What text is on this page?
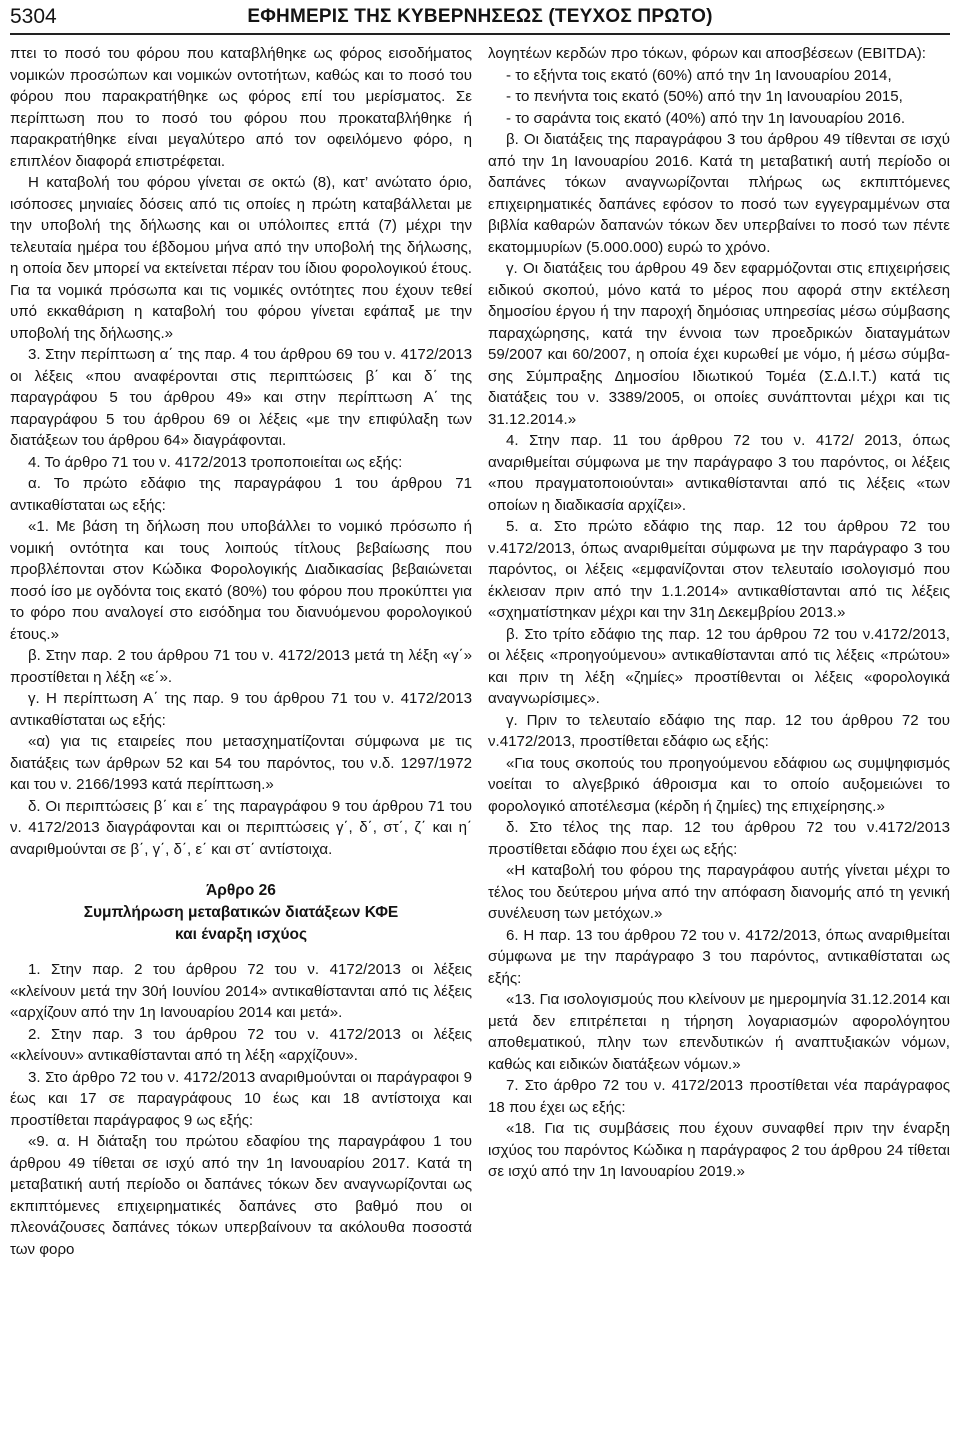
5304	ΕΦΗΜΕΡΙΣ ΤΗΣ ΚΥΒΕΡΝΗΣΕΩΣ (ΤΕΥΧΟΣ ΠΡΩΤΟ)

πτει το ποσό του φόρου που καταβλήθηκε ως φόρος εισοδήματος νομικών προσώπων και νομικών οντοτήτων, καθώς και το ποσό του φόρου που παρακρατήθηκε ως φόρος επί του μερίσματος. Σε περίπτωση που το ποσό του φόρου που προκαταβλήθηκε ή παρακρατήθηκε είναι μεγαλύτερο από τον οφειλόμενο φόρο, η επιπλέον διαφορά επιστρέφεται.

Η καταβολή του φόρου γίνεται σε οκτώ (8), κατ’ ανώτατο όριο, ισόποσες μηνιαίες δόσεις από τις οποίες η πρώτη καταβάλλεται με την υποβολή της δήλωσης και οι υπόλοιπες επτά (7) μέχρι την τελευταία ημέρα του έβδομου μήνα από την υποβολή της δήλωσης, η οποία δεν μπορεί να εκτείνεται πέραν του ίδιου φορολογικού έτους. Για τα νομικά πρόσωπα και τις νομικές οντότητες που έχουν τεθεί υπό εκκαθάριση η καταβολή του φόρου γίνεται εφάπαξ με την υποβολή της δήλωσης.»

3. Στην περίπτωση α΄ της παρ. 4 του άρθρου 69 του ν. 4172/2013 οι λέξεις «που αναφέρονται στις περιπτώσεις β΄ και δ΄ της παραγράφου 5 του άρθρου 49» και στην περίπτωση Α΄ της παραγράφου 5 του άρθρου 69 οι λέξεις «με την επιφύλαξη των διατάξεων του άρθρου 64» διαγράφονται.

4. Το άρθρο 71 του ν. 4172/2013 τροποποιείται ως εξής:

α. Το πρώτο εδάφιο της παραγράφου 1 του άρθρου 71 αντικαθίσταται ως εξής:

«1. Με βάση τη δήλωση που υποβάλλει το νομικό πρόσωπο ή νομική οντότητα και τους λοιπούς τίτλους βεβαίωσης που προβλέπονται στον Κώδικα Φορολογικής Διαδικασίας βεβαιώνεται ποσό ίσο με ογδόντα τοις εκατό (80%) του φόρου που προκύπτει για το φόρο που αναλογεί στο εισόδημα του διανυόμενου φορολογικού έτους.»

β. Στην παρ. 2 του άρθρου 71 του ν. 4172/2013 μετά τη λέξη «γ΄» προστίθεται η λέξη «ε΄».

γ. Η περίπτωση Α΄ της παρ. 9 του άρθρου 71 του ν. 4172/2013 αντικαθίσταται ως εξής:

«α) για τις εταιρείες που μετασχηματίζονται σύμφωνα με τις διατάξεις των άρθρων 52 και 54 του παρόντος, του ν.δ. 1297/1972 και του ν. 2166/1993 κατά περίπτωση.»

δ. Οι περιπτώσεις β΄ και ε΄ της παραγράφου 9 του άρθρου 71 του ν. 4172/2013 διαγράφονται και οι περιπτώσεις γ΄, δ΄, στ΄, ζ΄ και η΄ αναριθμούνται σε β΄, γ΄, δ΄, ε΄ και στ΄ αντίστοιχα.

Άρθρο 26
Συμπλήρωση μεταβατικών διατάξεων ΚΦΕ
και έναρξη ισχύος

1. Στην παρ. 2 του άρθρου 72 του ν. 4172/2013 οι λέξεις «κλείνουν μετά την 30ή Ιουνίου 2014» αντικαθίστανται από τις λέξεις «αρχίζουν από την 1η Ιανουαρίου 2014 και μετά».

2. Στην παρ. 3 του άρθρου 72 του ν. 4172/2013 οι λέξεις «κλείνουν» αντικαθίστανται από τη λέξη «αρχίζουν».

3. Στο άρθρο 72 του ν. 4172/2013 αναριθμούνται οι παράγραφοι 9 έως και 17 σε παραγράφους 10 έως και 18 αντίστοιχα και προστίθεται παράγραφος 9 ως εξής:

«9. α. Η διάταξη του πρώτου εδαφίου της παραγράφου 1 του άρθρου 49 τίθεται σε ισχύ από την 1η Ιανουαρίου 2017. Κατά τη μεταβατική αυτή περίοδο οι δαπάνες τόκων δεν αναγνωρίζονται ως εκπιπτόμενες επιχειρηματικές δαπάνες στο βαθμό που οι πλεονάζουσες δαπάνες τόκων υπερβαίνουν τα ακόλουθα ποσοστά των φορο

λογητέων κερδών προ τόκων, φόρων και αποσβέσεων (EBITDA):

- το εξήντα τοις εκατό (60%) από την 1η Ιανουαρίου 2014,

- το πενήντα τοις εκατό (50%) από την 1η Ιανουαρίου 2015,

- το σαράντα τοις εκατό (40%) από την 1η Ιανουαρίου 2016.

β. Οι διατάξεις της παραγράφου 3 του άρθρου 49 τίθενται σε ισχύ από την 1η Ιανουαρίου 2016. Κατά τη μεταβατική αυτή περίοδο οι δαπάνες τόκων αναγνωρίζονται πλήρως ως εκπιπτόμενες επιχειρηματικές δαπάνες εφόσον το ποσό των εγγεγραμμένων στα βιβλία καθαρών δαπανών τόκων δεν υπερβαίνει το ποσό των πέντε εκατομμυρίων (5.000.000) ευρώ το χρόνο.

γ. Οι διατάξεις του άρθρου 49 δεν εφαρμόζονται στις επιχειρήσεις ειδικού σκοπού, μόνο κατά το μέρος που αφορά στην εκτέλεση δημοσίου έργου ή την παροχή δημόσιας υπηρεσίας μέσω σύμβασης παραχώρησης, κατά την έννοια των προεδρικών διαταγμάτων 59/2007 και 60/2007, η οποία έχει κυρωθεί με νόμο, ή μέσω σύμβασης Σύμπραξης Δημοσίου Ιδιωτικού Τομέα (Σ.Δ.Ι.Τ.) κατά τις διατάξεις του ν. 3389/2005, οι οποίες συνάπτονται μέχρι και τις 31.12.2014.»

4. Στην παρ. 11 του άρθρου 72 του ν. 4172/ 2013, όπως αναριθμείται σύμφωνα με την παράγραφο 3 του παρόντος, οι λέξεις «που πραγματοποιούνται» αντικαθίστανται από τις λέξεις «των οποίων η διαδικασία αρχίζει».

5. α. Στο πρώτο εδάφιο της παρ. 12 του άρθρου 72 του ν.4172/2013, όπως αναριθμείται σύμφωνα με την παράγραφο 3 του παρόντος, οι λέξεις «εμφανίζονται στον τελευταίο ισολογισμό που έκλεισαν πριν από την 1.1.2014» αντικαθίστανται από τις λέξεις «σχηματίστηκαν μέχρι και την 31η Δεκεμβρίου 2013.»

β. Στο τρίτο εδάφιο της παρ. 12 του άρθρου 72 του ν.4172/2013, οι λέξεις «προηγούμενου» αντικαθίστανται από τις λέξεις «πρώτου» και πριν τη λέξη «ζημίες» προστίθενται οι λέξεις «φορολογικά αναγνωρίσιμες».

γ. Πριν το τελευταίο εδάφιο της παρ. 12 του άρθρου 72 του ν.4172/2013, προστίθεται εδάφιο ως εξής:

«Για τους σκοπούς του προηγούμενου εδάφιου ως συμψηφισμός νοείται το αλγεβρικό άθροισμα και το οποίο αυξομειώνει το φορολογικό αποτέλεσμα (κέρδη ή ζημίες) της επιχείρησης.»

δ. Στο τέλος της παρ. 12 του άρθρου 72 του ν.4172/2013 προστίθεται εδάφιο που έχει ως εξής:

«Η καταβολή του φόρου της παραγράφου αυτής γίνεται μέχρι το τέλος του δεύτερου μήνα από την απόφαση διανομής από τη γενική συνέλευση των μετόχων.»

6. Η παρ. 13 του άρθρου 72 του ν. 4172/2013, όπως αναριθμείται σύμφωνα με την παράγραφο 3 του παρόντος, αντικαθίσταται ως εξής:

«13. Για ισολογισμούς που κλείνουν με ημερομηνία 31.12.2014 και μετά δεν επιτρέπεται η τήρηση λογαριασμών αφορολόγητου αποθεματικού, πλην των επενδυτικών ή αναπτυξιακών νόμων, καθώς και ειδικών διατάξεων νόμων.»

7. Στο άρθρο 72 του ν. 4172/2013 προστίθεται νέα παράγραφος 18 που έχει ως εξής:

«18. Για τις συμβάσεις που έχουν συναφθεί πριν την έναρξη ισχύος του παρόντος Κώδικα η παράγραφος 2 του άρθρου 24 τίθεται σε ισχύ από την 1η Ιανουαρίου 2019.»
